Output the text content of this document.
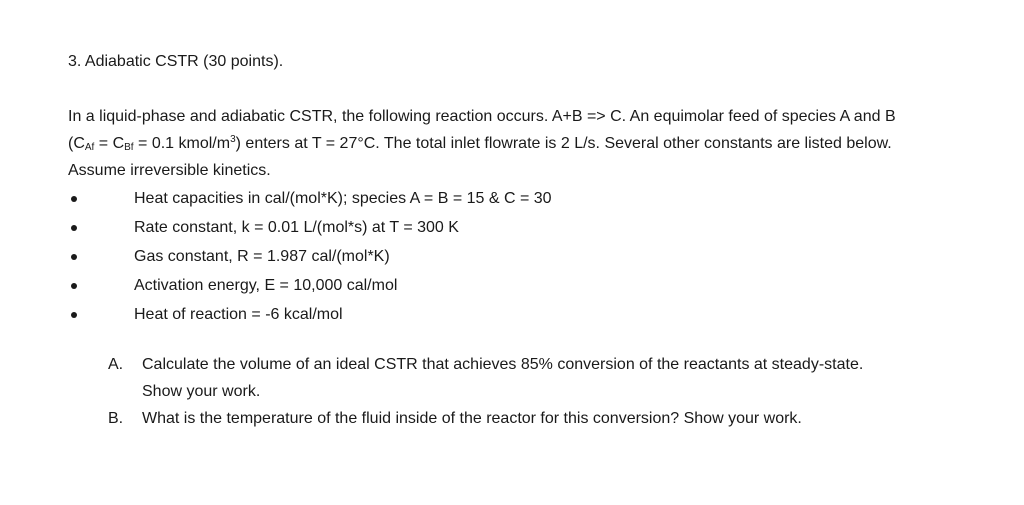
3. Adiabatic CSTR (30 points).

In a liquid-phase and adiabatic CSTR, the following reaction occurs. A+B => C. An equimolar feed of species A and B ($C_{Af} = C_{Bf} = 0.1$ kmol/$m^3$) enters at T = 27°C. The total inlet flowrate is 2 L/s. Several other constants are listed below. Assume irreversible kinetics.

Heat capacities in cal/(mol*K); species A = B = 15 & C = 30
Rate constant, k = 0.01 L/(mol*s) at T = 300 K
Gas constant, R = 1.987 cal/(mol*K)
Activation energy, E = 10,000 cal/mol
Heat of reaction = -6 kcal/mol
A. Calculate the volume of an ideal CSTR that achieves 85% conversion of the reactants at steady-state. Show your work.
B. What is the temperature of the fluid inside of the reactor for this conversion? Show your work.
